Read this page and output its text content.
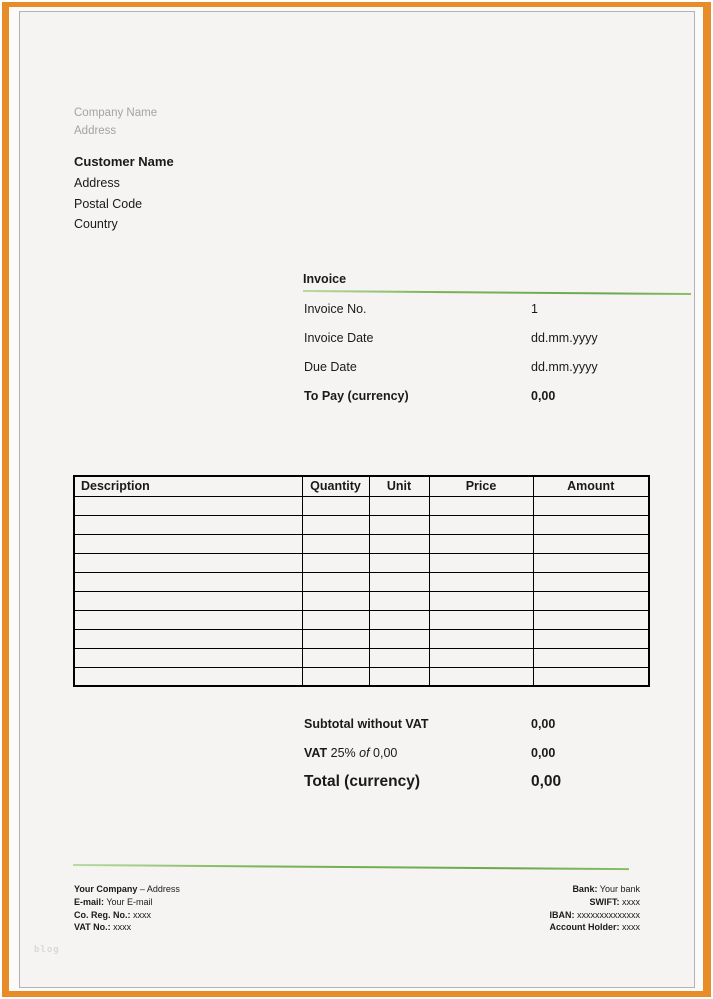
Company Name
Address
Customer Name
Address
Postal Code
Country
Invoice
Invoice No.	1
Invoice Date	dd.mm.yyyy
Due Date	dd.mm.yyyy
To Pay (currency)	0,00
Description	Quantity	Unit	Price	Amount

Subtotal without VAT	0,00
VAT 25% of 0,00	0,00
Total (currency)	0,00
Your Company – Address
E-mail: Your E-mail
Co. Reg. No.: xxxx
VAT No.: xxxx
Bank: Your bank
SWIFT: xxxx
IBAN: xxxxxxxxxxxxxx
Account Holder: xxxx
blog
